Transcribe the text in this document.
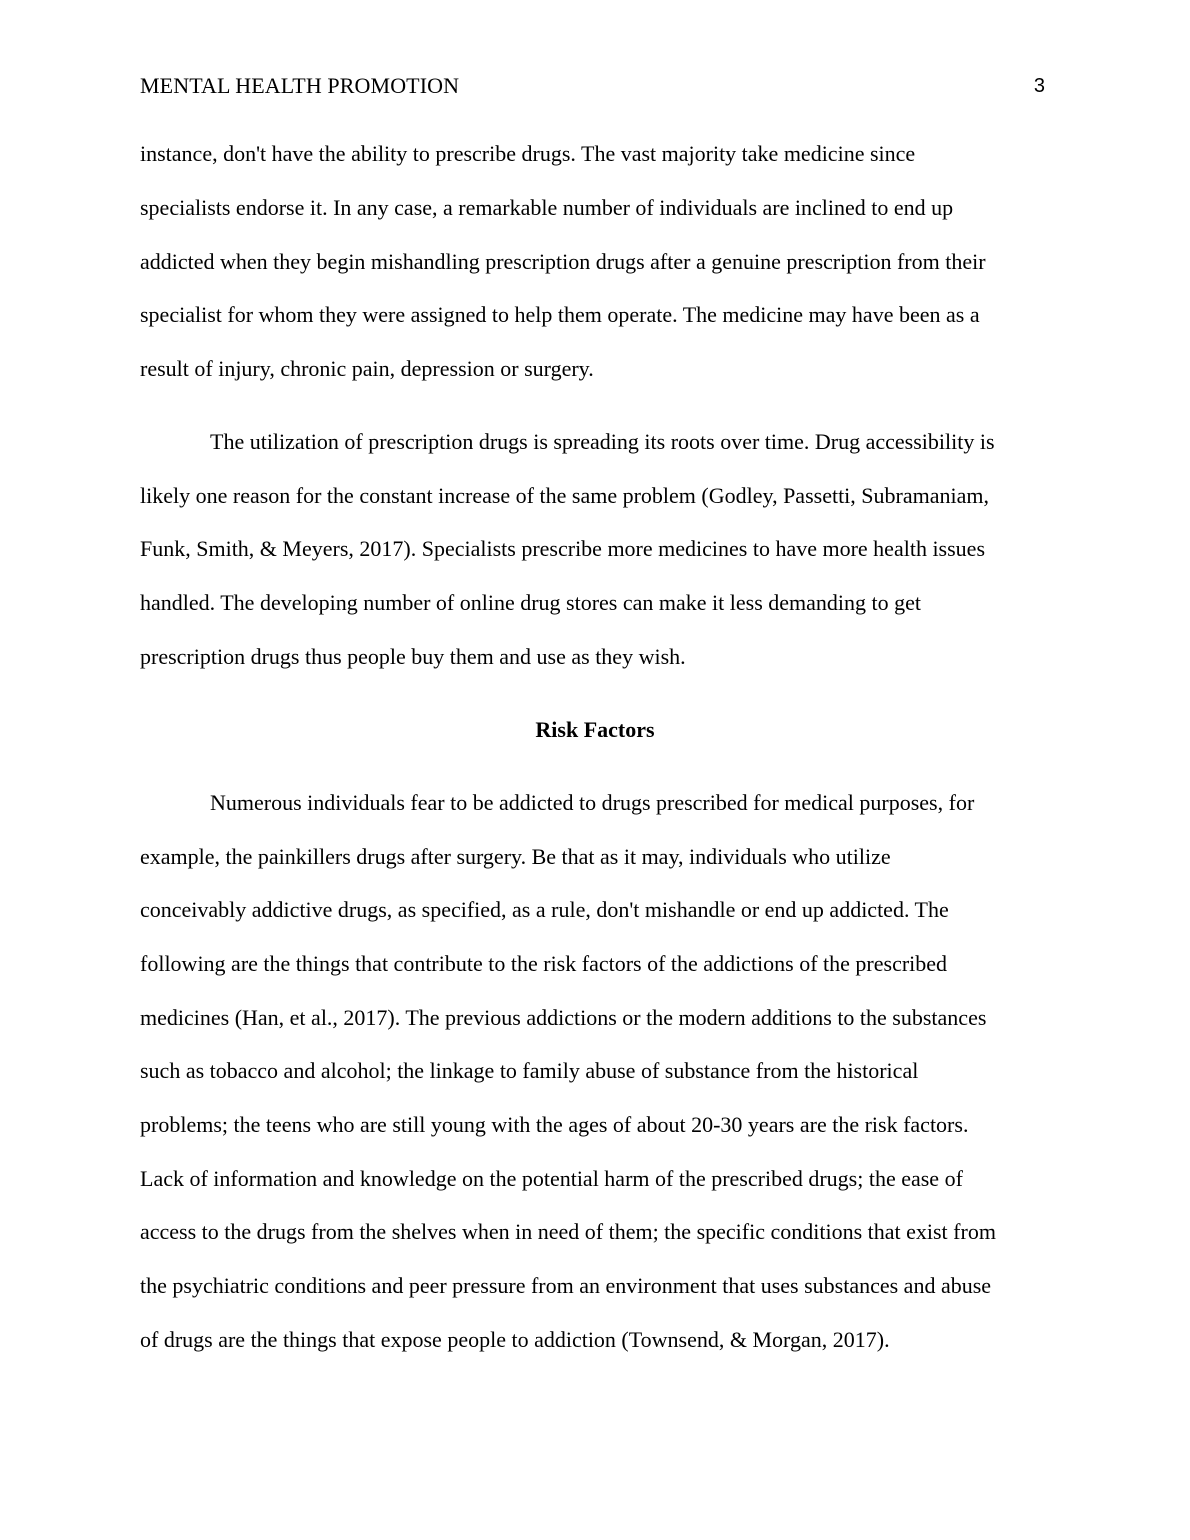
MENTAL HEALTH PROMOTION	3
instance, don't have the ability to prescribe drugs. The vast majority take medicine since
specialists endorse it. In any case, a remarkable number of individuals are inclined to end up
addicted when they begin mishandling prescription drugs after a genuine prescription from their
specialist for whom they were assigned to help them operate. The medicine may have been as a
result of injury, chronic pain, depression or surgery.
The utilization of prescription drugs is spreading its roots over time. Drug accessibility is
likely one reason for the constant increase of the same problem (Godley, Passetti, Subramaniam,
Funk, Smith, & Meyers, 2017). Specialists prescribe more medicines to have more health issues
handled. The developing number of online drug stores can make it less demanding to get
prescription drugs thus people buy them and use as they wish.
Risk Factors
Numerous individuals fear to be addicted to drugs prescribed for medical purposes, for
example, the painkillers drugs after surgery. Be that as it may, individuals who utilize
conceivably addictive drugs, as specified, as a rule, don't mishandle or end up addicted. The
following are the things that contribute to the risk factors of the addictions of the prescribed
medicines (Han, et al., 2017). The previous addictions or the modern additions to the substances
such as tobacco and alcohol; the linkage to family abuse of substance from the historical
problems; the teens who are still young with the ages of about 20-30 years are the risk factors.
Lack of information and knowledge on the potential harm of the prescribed drugs; the ease of
access to the drugs from the shelves when in need of them; the specific conditions that exist from
the psychiatric conditions and peer pressure from an environment that uses substances and abuse
of drugs are the things that expose people to addiction (Townsend, & Morgan, 2017).
